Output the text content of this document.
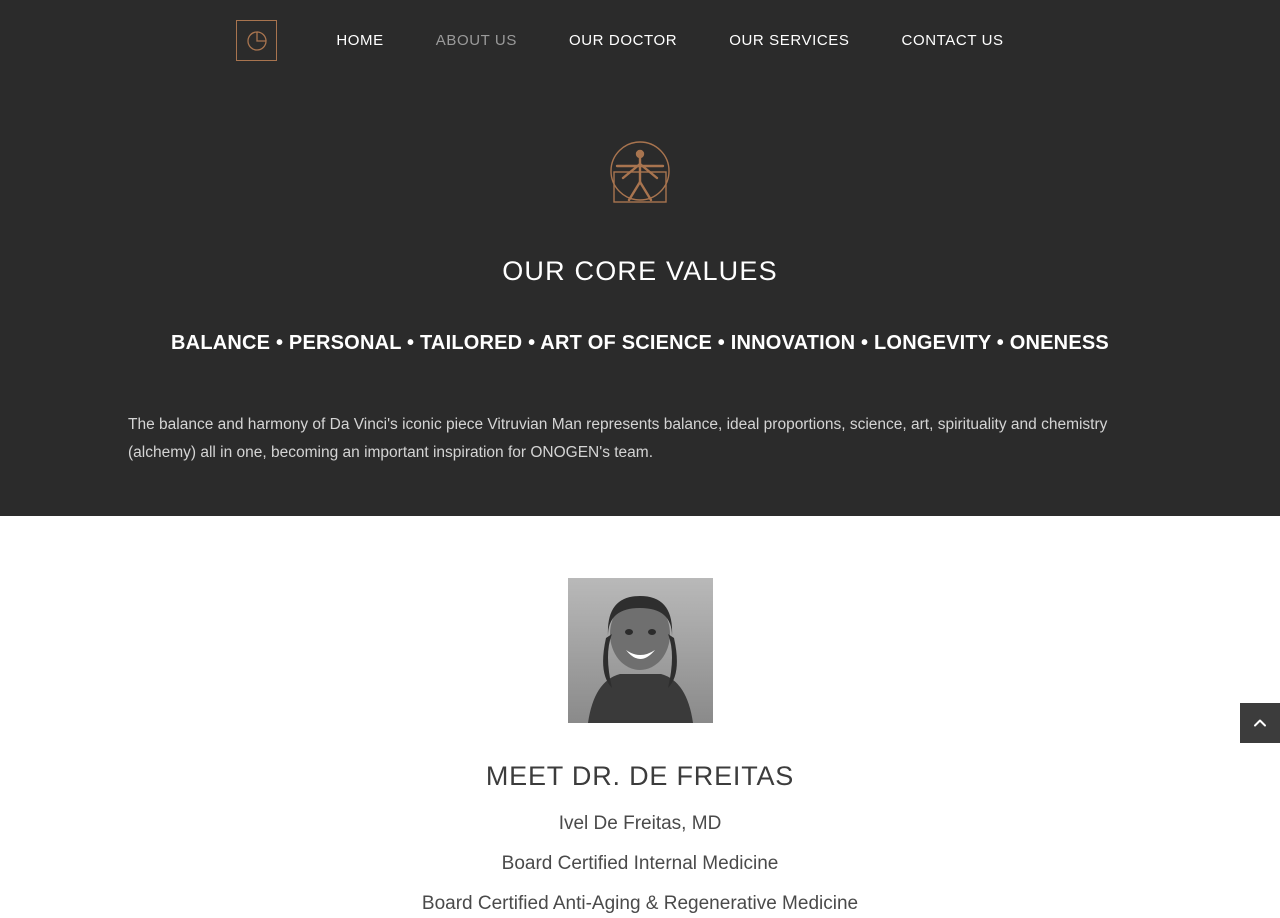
HOME	ABOUT US	OUR DOCTOR	OUR SERVICES	CONTACT US
OUR CORE VALUES
BALANCE • PERSONAL • TAILORED • ART OF SCIENCE • INNOVATION • LONGEVITY • ONENESS

The balance and harmony of Da Vinci's iconic piece Vitruvian Man represents balance, ideal proportions, science, art, spirituality and chemistry (alchemy) all in one, becoming an important inspiration for ONOGEN's team.

MEET DR. DE FREITAS
Ivel De Freitas, MD
Board Certified Internal Medicine
Board Certified Anti-Aging & Regenerative Medicine
